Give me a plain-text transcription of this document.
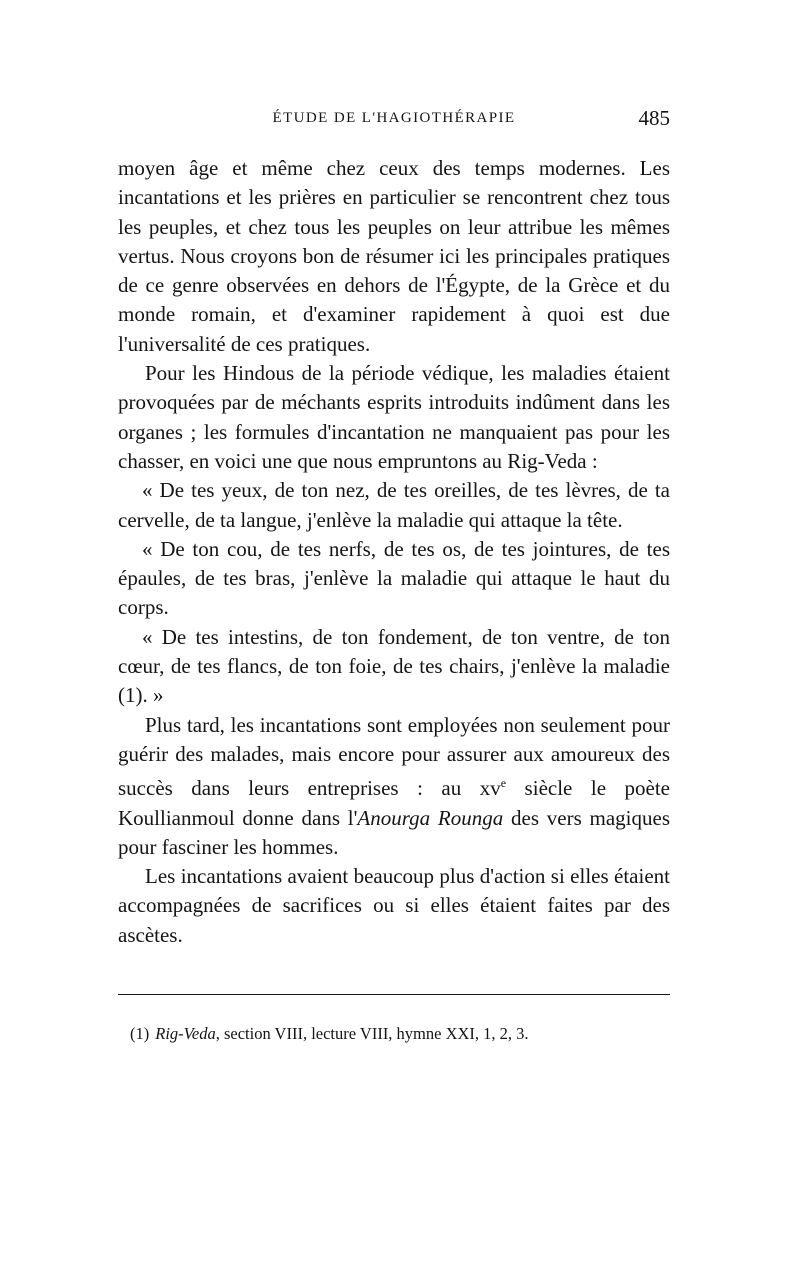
ÉTUDE DE L'HAGIOTHÉRAPIE	485

moyen âge et même chez ceux des temps modernes. Les incantations et les prières en particulier se rencontrent chez tous les peuples, et chez tous les peuples on leur attribue les mêmes vertus. Nous croyons bon de résumer ici les principales pratiques de ce genre observées en dehors de l'Égypte, de la Grèce et du monde romain, et d'examiner rapidement à quoi est due l'universalité de ces pratiques.

Pour les Hindous de la période védique, les maladies étaient provoquées par de méchants esprits introduits indûment dans les organes ; les formules d'incantation ne manquaient pas pour les chasser, en voici une que nous empruntons au Rig-Veda :

« De tes yeux, de ton nez, de tes oreilles, de tes lèvres, de ta cervelle, de ta langue, j'enlève la maladie qui attaque la tête.

« De ton cou, de tes nerfs, de tes os, de tes jointures, de tes épaules, de tes bras, j'enlève la maladie qui attaque le haut du corps.

« De tes intestins, de ton fondement, de ton ventre, de ton cœur, de tes flancs, de ton foie, de tes chairs, j'enlève la maladie (1). »

Plus tard, les incantations sont employées non seulement pour guérir des malades, mais encore pour assurer aux amoureux des succès dans leurs entreprises : au $xv^e$ siècle le poète Koullianmoul donne dans l'Anourga Rounga des vers magiques pour fasciner les hommes.

Les incantations avaient beaucoup plus d'action si elles étaient accompagnées de sacrifices ou si elles étaient faites par des ascètes.

(1) Rig-Veda, section VIII, lecture VIII, hymne XXI, 1, 2, 3.
